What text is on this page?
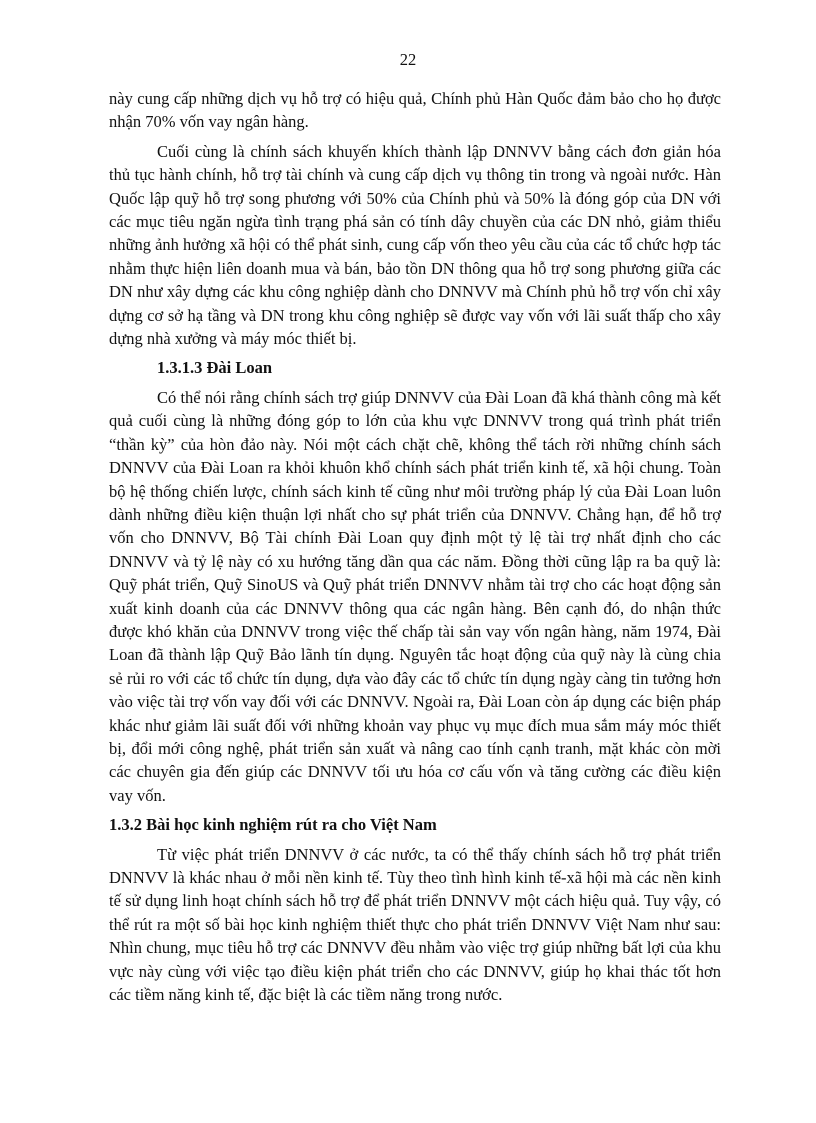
22

này cung cấp những dịch vụ hỗ trợ có hiệu quả, Chính phủ Hàn Quốc đảm bảo cho họ được nhận 70% vốn vay ngân hàng.

Cuối cùng là chính sách khuyến khích thành lập DNNVV bằng cách đơn giản hóa thủ tục hành chính, hỗ trợ tài chính và cung cấp dịch vụ thông tin trong và ngoài nước. Hàn Quốc lập quỹ hỗ trợ song phương với 50% của Chính phủ và 50% là đóng góp của DN với các mục tiêu ngăn ngừa tình trạng phá sản có tính dây chuyền của các DN nhỏ, giảm thiểu những ảnh hưởng xã hội có thể phát sinh, cung cấp vốn theo yêu cầu của các tổ chức hợp tác nhằm thực hiện liên doanh mua và bán, bảo tồn DN thông qua hỗ trợ song phương giữa các DN như xây dựng các khu công nghiệp dành cho DNNVV mà Chính phủ hỗ trợ vốn chỉ xây dựng cơ sở hạ tầng và DN trong khu công nghiệp sẽ được vay vốn với lãi suất thấp cho xây dựng nhà xưởng và máy móc thiết bị.

1.3.1.3 Đài Loan

Có thể nói rằng chính sách trợ giúp DNNVV của Đài Loan đã khá thành công mà kết quả cuối cùng là những đóng góp to lớn của khu vực DNNVV trong quá trình phát triển “thần kỳ” của hòn đảo này. Nói một cách chặt chẽ, không thể tách rời những chính sách DNNVV của Đài Loan ra khỏi khuôn khổ chính sách phát triển kinh tế, xã hội chung. Toàn bộ hệ thống chiến lược, chính sách kinh tế cũng như môi trường pháp lý của Đài Loan luôn dành những điều kiện thuận lợi nhất cho sự phát triển của DNNVV. Chẳng hạn, để hỗ trợ vốn cho DNNVV, Bộ Tài chính Đài Loan quy định một tỷ lệ tài trợ nhất định cho các DNNVV và tỷ lệ này có xu hướng tăng dần qua các năm. Đồng thời cũng lập ra ba quỹ là: Quỹ phát triển, Quỹ SinoUS và Quỹ phát triển DNNVV nhằm tài trợ cho các hoạt động sản xuất kinh doanh của các DNNVV thông qua các ngân hàng. Bên cạnh đó, do nhận thức được khó khăn của DNNVV trong việc thế chấp tài sản vay vốn ngân hàng, năm 1974, Đài Loan đã thành lập Quỹ Bảo lãnh tín dụng. Nguyên tắc hoạt động của quỹ này là cùng chia sẻ rủi ro với các tổ chức tín dụng, dựa vào đây các tổ chức tín dụng ngày càng tin tưởng hơn vào việc tài trợ vốn vay đối với các DNNVV. Ngoài ra, Đài Loan còn áp dụng các biện pháp khác như giảm lãi suất đối với những khoản vay phục vụ mục đích mua sắm máy móc thiết bị, đổi mới công nghệ, phát triển sản xuất và nâng cao tính cạnh tranh, mặt khác còn mời các chuyên gia đến giúp các DNNVV tối ưu hóa cơ cấu vốn và tăng cường các điều kiện vay vốn.

1.3.2 Bài học kinh nghiệm rút ra cho Việt Nam

Từ việc phát triển DNNVV ở các nước, ta có thể thấy chính sách hỗ trợ phát triển DNNVV là khác nhau ở mỗi nền kinh tế. Tùy theo tình hình kinh tế-xã hội mà các nền kinh tế sử dụng linh hoạt chính sách hỗ trợ để phát triển DNNVV một cách hiệu quả. Tuy vậy, có thể rút ra một số bài học kinh nghiệm thiết thực cho phát triển DNNVV Việt Nam như sau: Nhìn chung, mục tiêu hỗ trợ các DNNVV đều nhằm vào việc trợ giúp những bất lợi của khu vực này cùng với việc tạo điều kiện phát triển cho các DNNVV, giúp họ khai thác tốt hơn các tiềm năng kinh tế, đặc biệt là các tiềm năng trong nước.
